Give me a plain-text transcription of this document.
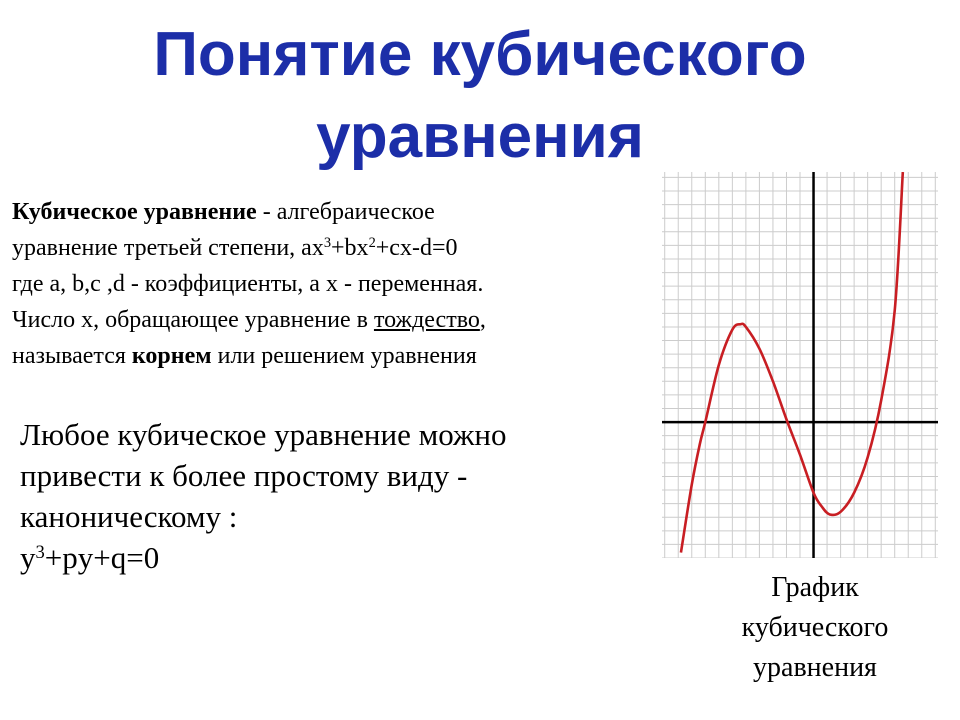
Понятие кубического
уравнения
Кубическое уравнение - алгебраическое
уравнение третьей степени, $ax^3+bx^2+cx-d=0$
где a, b,c ,d - коэффициенты, а x - переменная.
Число x, обращающее уравнение в тождество,
называется корнем или решением уравнения
Любое кубическое уравнение можно
привести к более простому виду -
каноническому :
$y^3+py+q=0$
График
кубического
уравнения
